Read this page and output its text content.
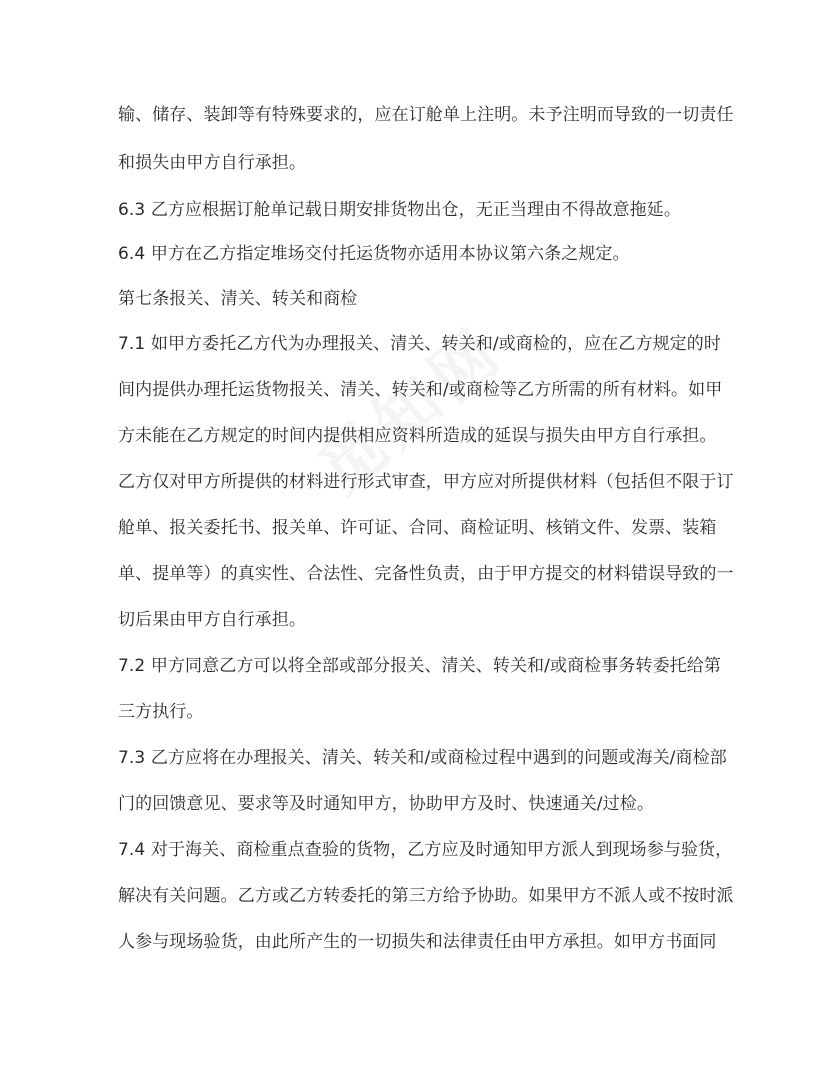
输、储存、装卸等有特殊要求的，应在订舱单上注明。未予注明而导致的一切责任
和损失由甲方自行承担。
6.3 乙方应根据订舱单记载日期安排货物出仓，无正当理由不得故意拖延。
6.4 甲方在乙方指定堆场交付托运货物亦适用本协议第六条之规定。
第七条报关、清关、转关和商检
7.1 如甲方委托乙方代为办理报关、清关、转关和/或商检的，应在乙方规定的时
间内提供办理托运货物报关、清关、转关和/或商检等乙方所需的所有材料。如甲
方未能在乙方规定的时间内提供相应资料所造成的延误与损失由甲方自行承担。
乙方仅对甲方所提供的材料进行形式审查，甲方应对所提供材料（包括但不限于订
舱单、报关委托书、报关单、许可证、合同、商检证明、核销文件、发票、装箱
单、提单等）的真实性、合法性、完备性负责，由于甲方提交的材料错误导致的一
切后果由甲方自行承担。
7.2 甲方同意乙方可以将全部或部分报关、清关、转关和/或商检事务转委托给第
三方执行。
7.3 乙方应将在办理报关、清关、转关和/或商检过程中遇到的问题或海关/商检部
门的回馈意见、要求等及时通知甲方，协助甲方及时、快速通关/过检。
7.4 对于海关、商检重点查验的货物，乙方应及时通知甲方派人到现场参与验货，
解决有关问题。乙方或乙方转委托的第三方给予协助。如果甲方不派人或不按时派
人参与现场验货，由此所产生的一切损失和法律责任由甲方承担。如甲方书面同
